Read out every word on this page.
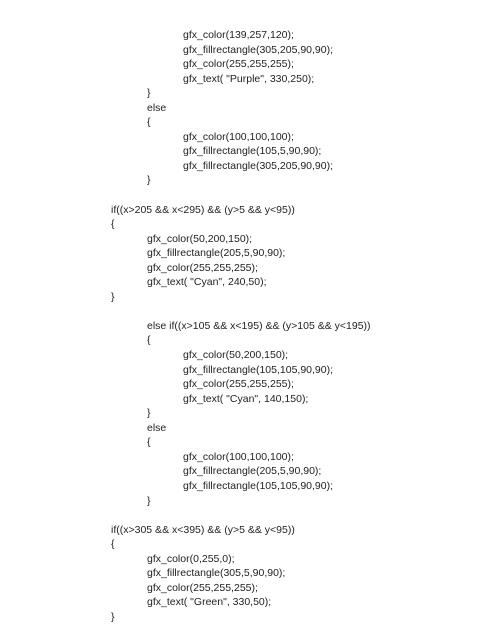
gfx_color(139,257,120);
gfx_fillrectangle(305,205,90,90);
gfx_color(255,255,255);
gfx_text( "Purple", 330,250);
}
else
{
gfx_color(100,100,100);
gfx_fillrectangle(105,5,90,90);
gfx_fillrectangle(305,205,90,90);
}
if((x>205 && x<295) && (y>5 && y<95))
{
gfx_color(50,200,150);
gfx_fillrectangle(205,5,90,90);
gfx_color(255,255,255);
gfx_text( "Cyan", 240,50);
}
else if((x>105 && x<195) && (y>105 && y<195))
{
gfx_color(50,200,150);
gfx_fillrectangle(105,105,90,90);
gfx_color(255,255,255);
gfx_text( "Cyan", 140,150);
}
else
{
gfx_color(100,100,100);
gfx_fillrectangle(205,5,90,90);
gfx_fillrectangle(105,105,90,90);
}
if((x>305 && x<395) && (y>5 && y<95))
{
gfx_color(0,255,0);
gfx_fillrectangle(305,5,90,90);
gfx_color(255,255,255);
gfx_text( "Green", 330,50);
}
